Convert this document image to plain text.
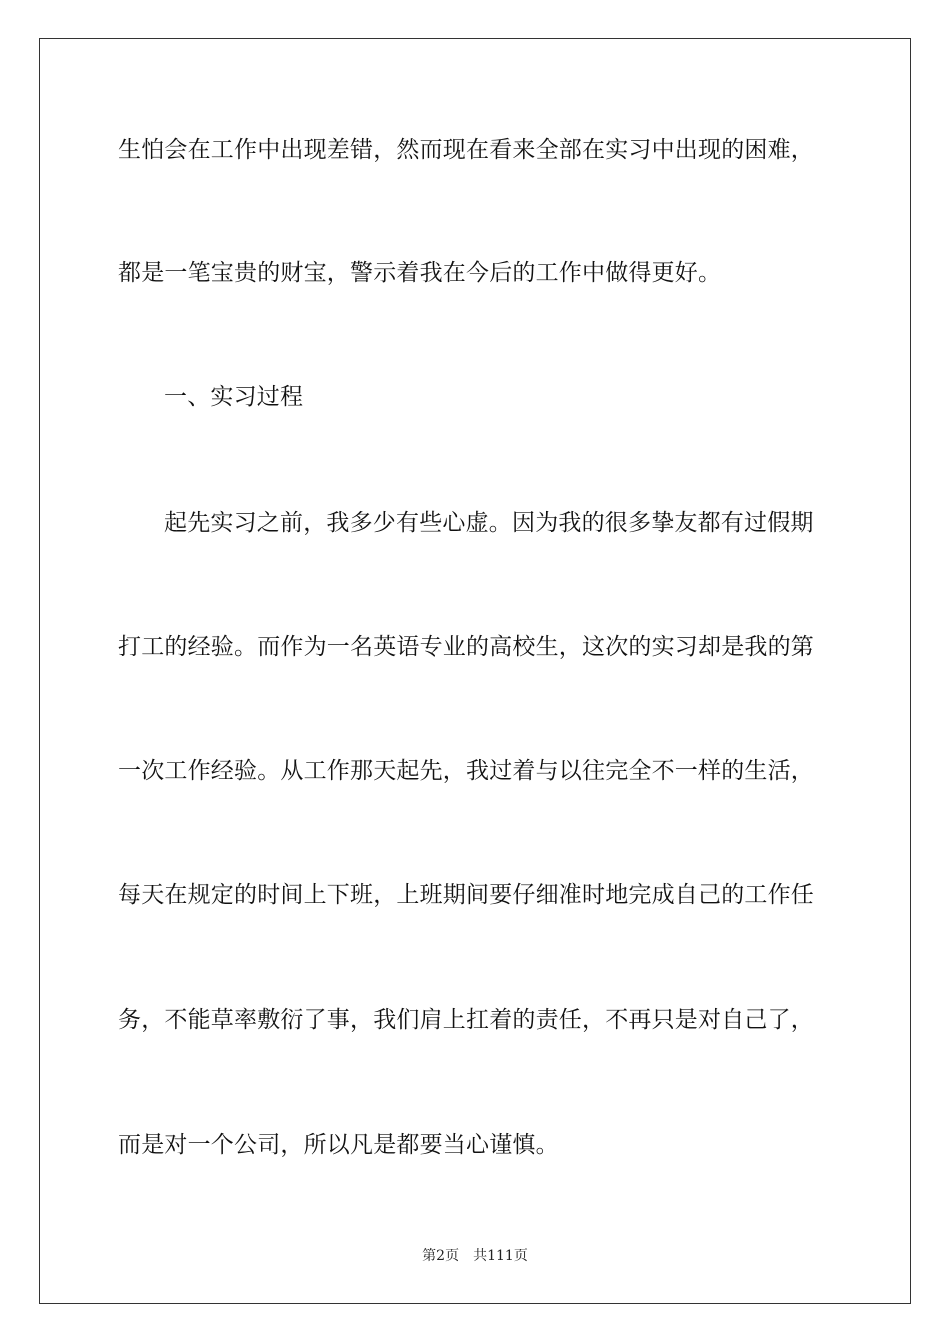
生怕会在工作中出现差错，然而现在看来全部在实习中出现的困难，
都是一笔宝贵的财宝，警示着我在今后的工作中做得更好。
一、实习过程
起先实习之前，我多少有些心虚。因为我的很多挚友都有过假期
打工的经验。而作为一名英语专业的高校生，这次的实习却是我的第
一次工作经验。从工作那天起先，我过着与以往完全不一样的生活，
每天在规定的时间上下班，上班期间要仔细准时地完成自己的工作任
务，不能草率敷衍了事，我们肩上扛着的责任，不再只是对自己了，
而是对一个公司，所以凡是都要当心谨慎。
第2页 共111页
